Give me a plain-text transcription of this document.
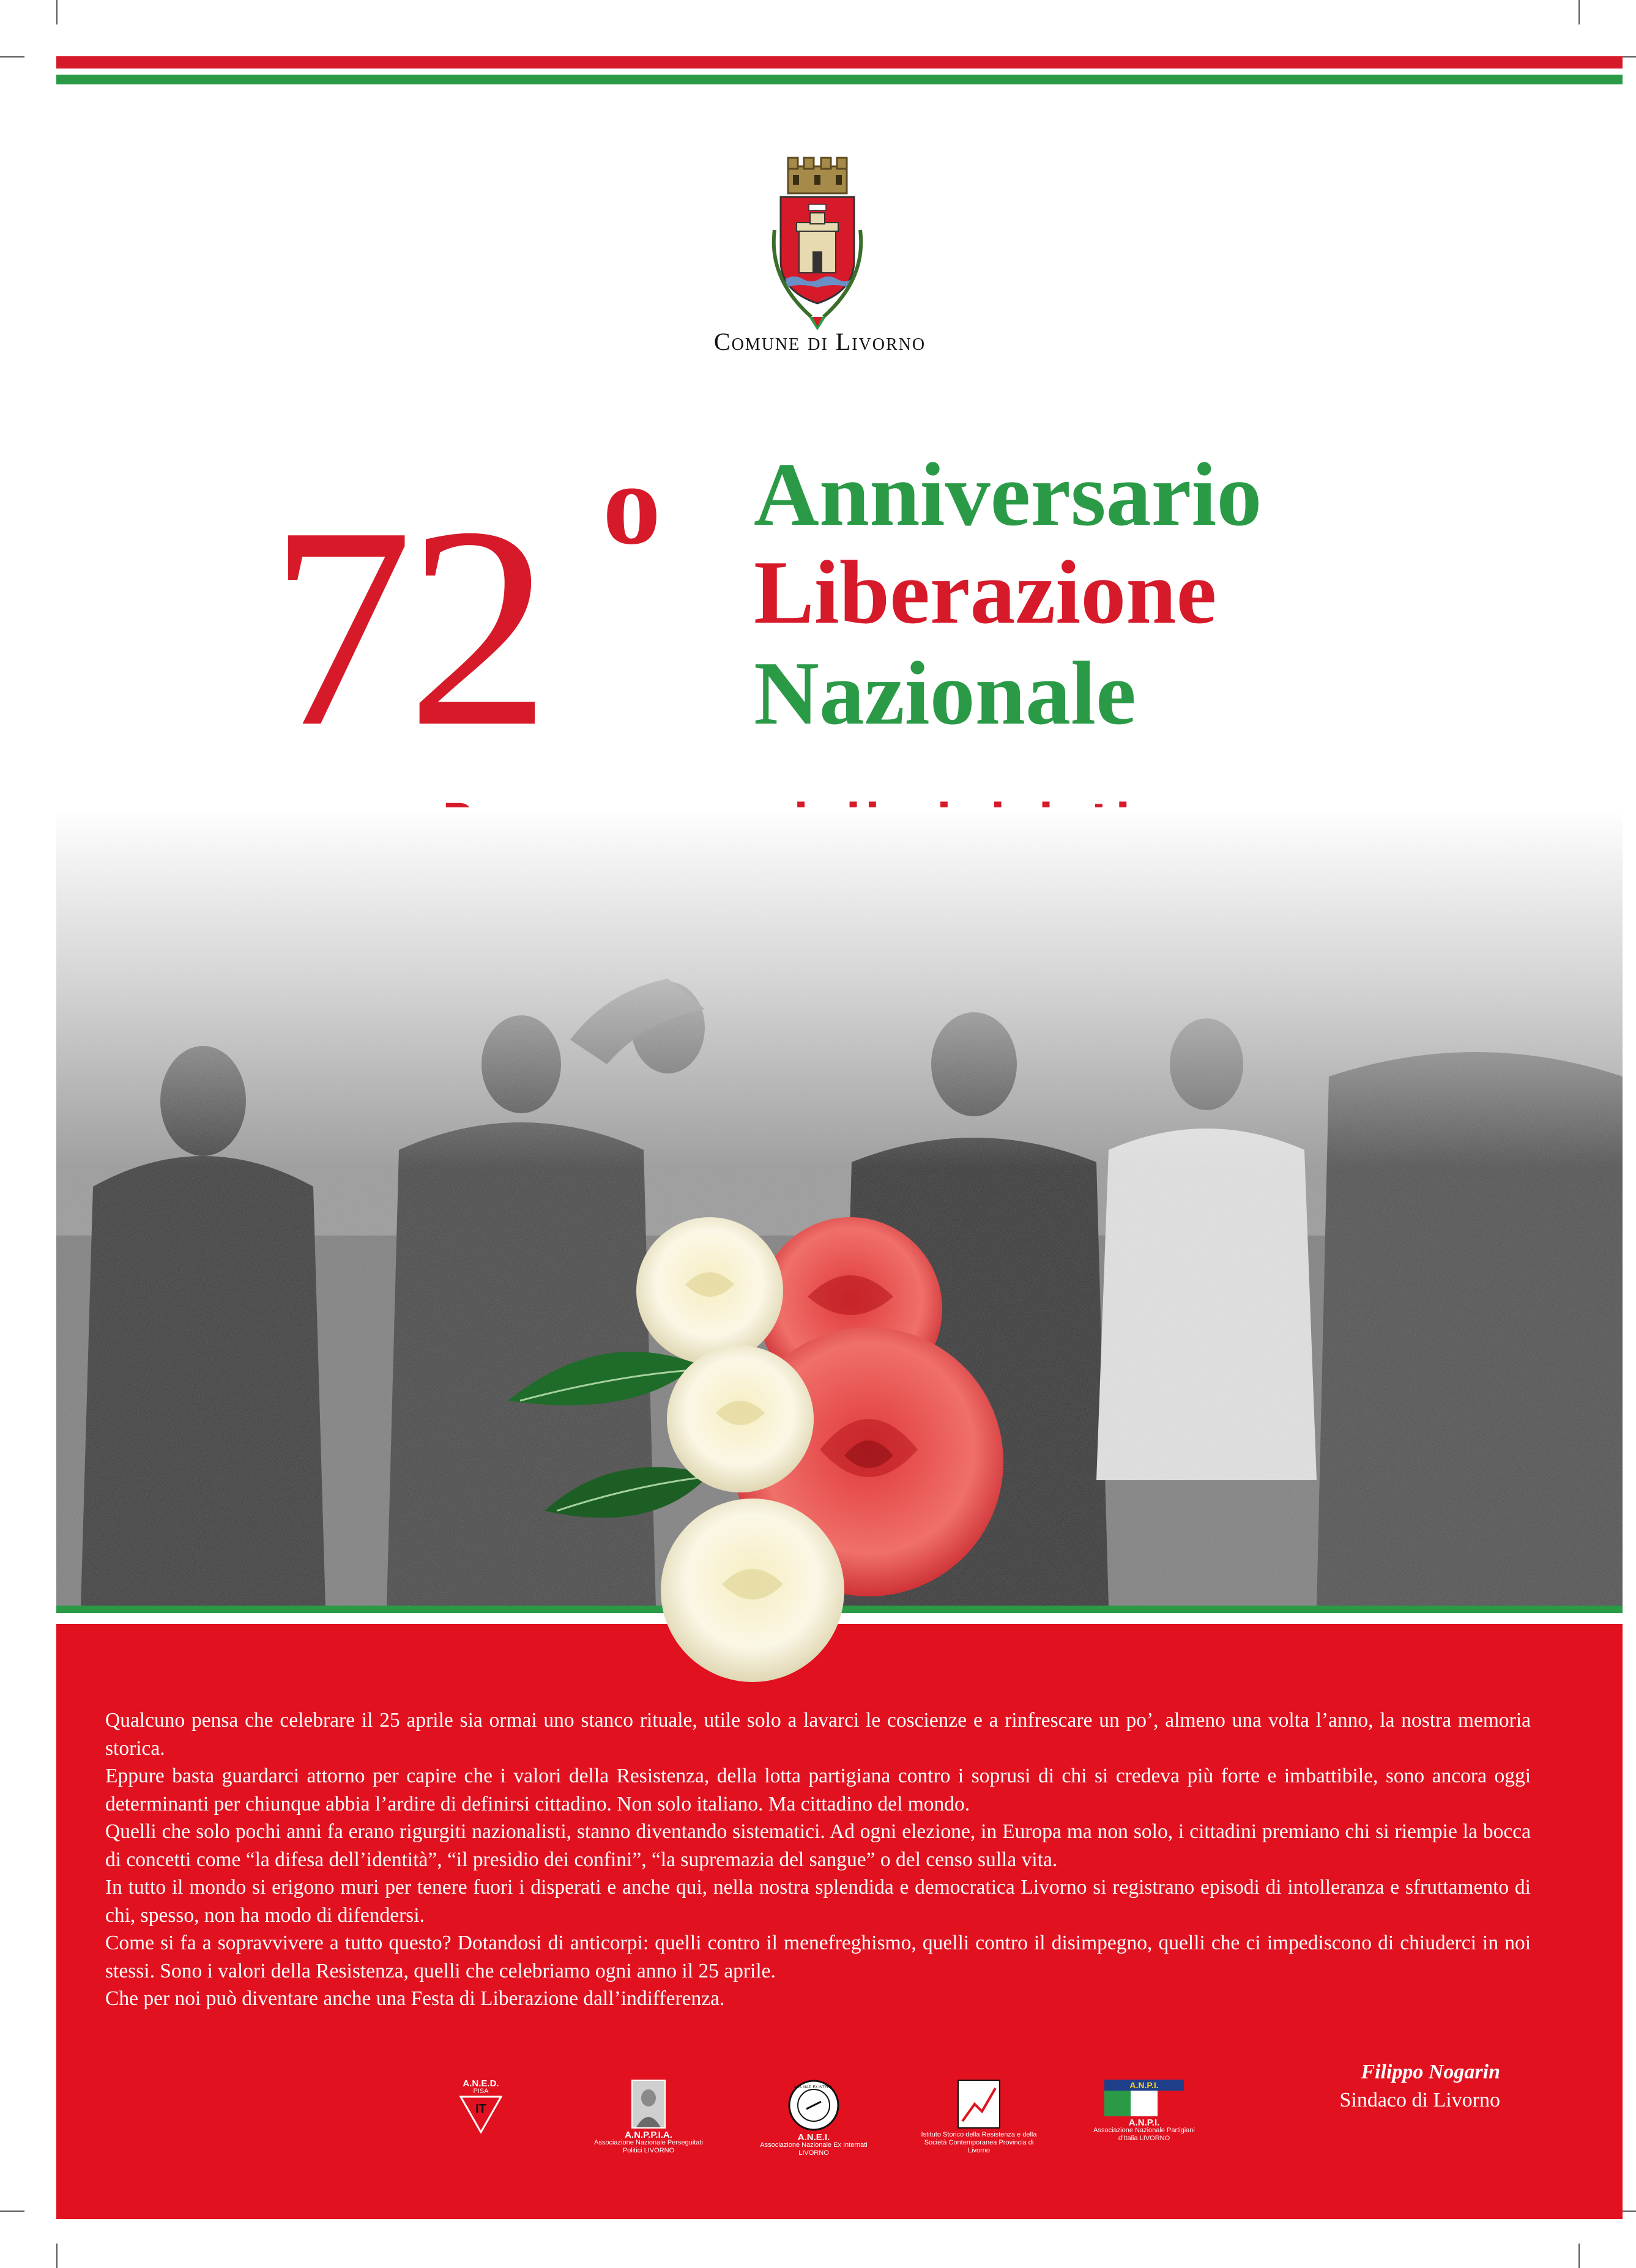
Comune di Livorno
72 o Anniversario
Liberazione
Nazionale

Qualcuno pensa che celebrare il 25 aprile sia ormai uno stanco rituale, utile solo a lavarci le coscienze e a rinfrescare un po’, almeno una volta l’anno, la nostra memoria storica.

Eppure basta guardarci attorno per capire che i valori della Resistenza, della lotta partigiana contro i soprusi di chi si credeva più forte e imbattibile, sono ancora oggi determinanti per chiunque abbia l’ardire di definirsi cittadino. Non solo italiano. Ma cittadino del mondo.

Quelli che solo pochi anni fa erano rigurgiti nazionalisti, stanno diventando sistematici. Ad ogni elezione, in Europa ma non solo, i cittadini premiano chi si riempie la bocca di concetti come “la difesa dell’identità”, “il presidio dei confini”, “la supremazia del sangue” o del censo sulla vita.

In tutto il mondo si erigono muri per tenere fuori i disperati e anche qui, nella nostra splendida e democratica Livorno si registrano episodi di intolleranza e sfruttamento di chi, spesso, non ha modo di difendersi.

Come si fa a sopravvivere a tutto questo? Dotandosi di anticorpi: quelli contro il menefreghismo, quelli contro il disimpegno, quelli che ci impediscono di chiuderci in noi stessi. Sono i valori della Resistenza, quelli che celebriamo ogni anno il 25 aprile.

Che per noi può diventare anche una Festa di Liberazione dall’indifferenza.

Filippo Nogarin
Sindaco di Livorno
A.N.E.D.
PISA
IT
A.N.P.P.I.A.
Associazione Nazionale Perseguitati Politici LIVORNO
ASS. NAZ. EX INTERN.
A.N.E.I.
Associazione Nazionale Ex Internati LIVORNO
Istituto Storico della Resistenza e della Società Contemporanea Provincia di Livorno
A.N.P.I.
A.N.P.I.
Associazione Nazionale Partigiani d’Italia LIVORNO
